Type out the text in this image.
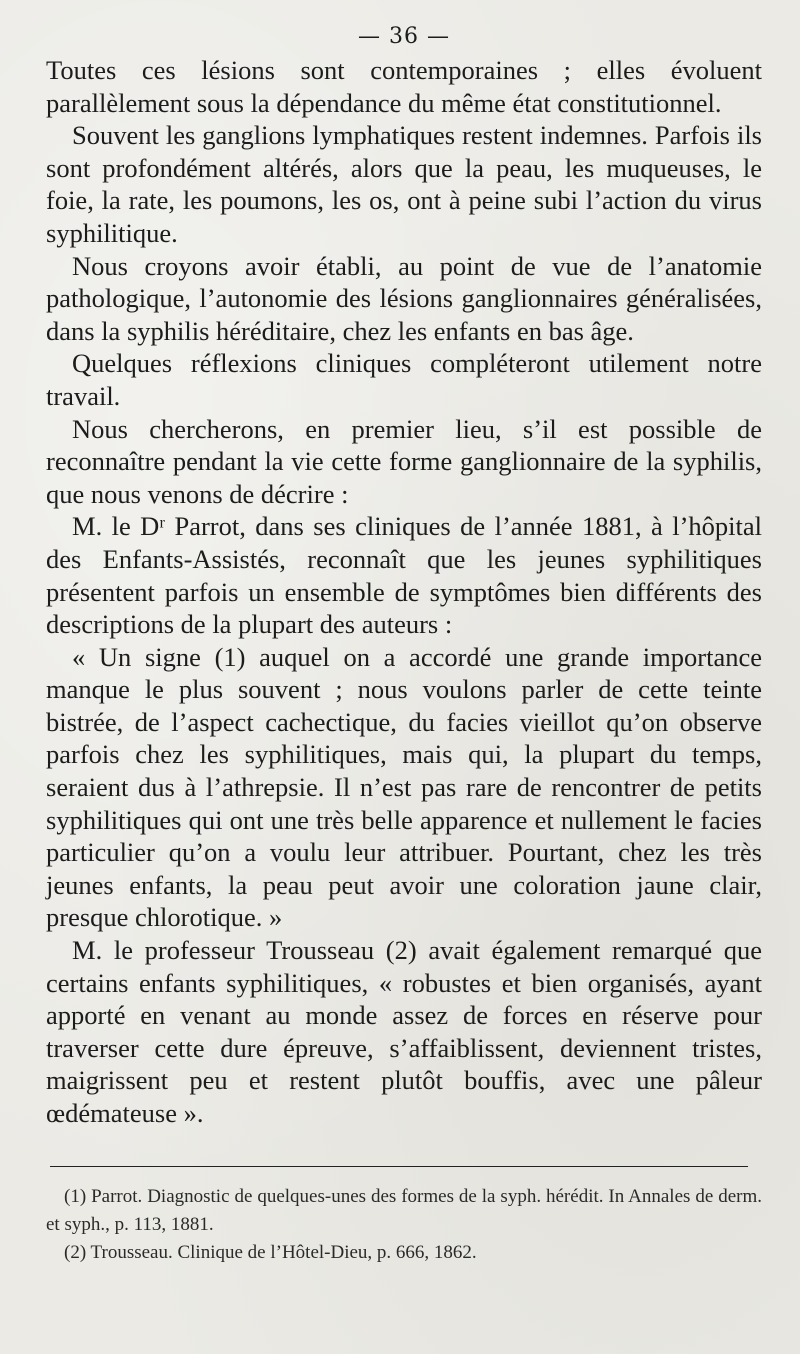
— 36 —

Toutes ces lésions sont contemporaines ; elles évoluent parallèlement sous la dépendance du même état constitutionnel.

Souvent les ganglions lymphatiques restent indemnes. Parfois ils sont profondément altérés, alors que la peau, les muqueuses, le foie, la rate, les poumons, les os, ont à peine subi l’action du virus syphilitique.

Nous croyons avoir établi, au point de vue de l’anatomie pathologique, l’autonomie des lésions ganglionnaires généralisées, dans la syphilis héréditaire, chez les enfants en bas âge.

Quelques réflexions cliniques compléteront utilement notre travail.

Nous chercherons, en premier lieu, s’il est possible de reconnaître pendant la vie cette forme ganglionnaire de la syphilis, que nous venons de décrire :

M. le Dʳ Parrot, dans ses cliniques de l’année 1881, à l’hôpital des Enfants-Assistés, reconnaît que les jeunes syphilitiques présentent parfois un ensemble de symptômes bien différents des descriptions de la plupart des auteurs :

« Un signe (1) auquel on a accordé une grande importance manque le plus souvent ; nous voulons parler de cette teinte bistrée, de l’aspect cachectique, du facies vieillot qu’on observe parfois chez les syphilitiques, mais qui, la plupart du temps, seraient dus à l’athrepsie. Il n’est pas rare de rencontrer de petits syphilitiques qui ont une très belle apparence et nullement le facies particulier qu’on a voulu leur attribuer. Pourtant, chez les très jeunes enfants, la peau peut avoir une coloration jaune clair, presque chlorotique. »

M. le professeur Trousseau (2) avait également remarqué que certains enfants syphilitiques, « robustes et bien organisés, ayant apporté en venant au monde assez de forces en réserve pour traverser cette dure épreuve, s’affaiblissent, deviennent tristes, maigrissent peu et restent plutôt bouffis, avec une pâleur œdémateuse ».

(1) Parrot. Diagnostic de quelques-unes des formes de la syph. hérédit. In Annales de derm. et syph., p. 113, 1881.

(2) Trousseau. Clinique de l’Hôtel-Dieu, p. 666, 1862.
